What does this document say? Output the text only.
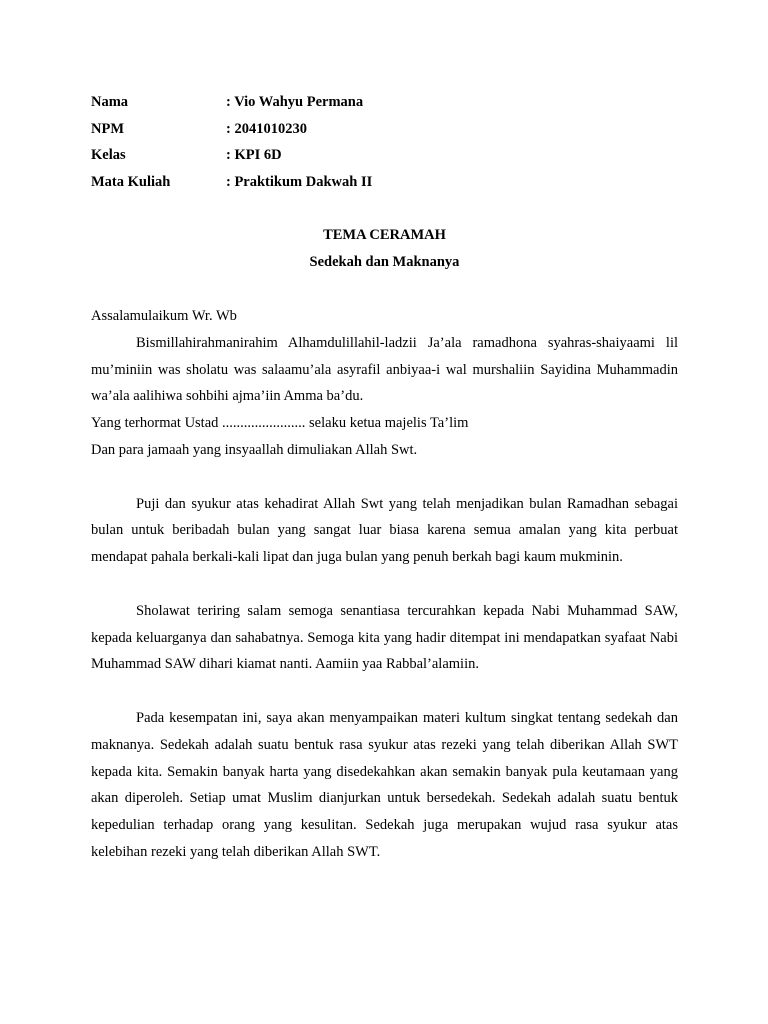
Nama	: Vio Wahyu Permana
NPM	: 2041010230
Kelas	: KPI 6D
Mata Kuliah	: Praktikum Dakwah II
TEMA CERAMAH
Sedekah dan Maknanya
Assalamulaikum Wr. Wb

Bismillahirahmanirahim Alhamdulillahil-ladzii Ja’ala ramadhona syahras-shaiyaami lil mu’miniin was sholatu was salaamu’ala asyrafil anbiyaa-i wal murshaliin Sayidina Muhammadin wa’ala aalihiwa sohbihi ajma’iin Amma ba’du.

Yang terhormat Ustad ....................... selaku ketua majelis Ta’lim
Dan para jamaah yang insyaallah dimuliakan Allah Swt.

Puji dan syukur atas kehadirat Allah Swt yang telah menjadikan bulan Ramadhan sebagai bulan untuk beribadah bulan yang sangat luar biasa karena semua amalan yang kita perbuat mendapat pahala berkali-kali lipat dan juga bulan yang penuh berkah bagi kaum mukminin.

Sholawat teriring salam semoga senantiasa tercurahkan kepada Nabi Muhammad SAW, kepada keluarganya dan sahabatnya. Semoga kita yang hadir ditempat ini mendapatkan syafaat Nabi Muhammad SAW dihari kiamat nanti. Aamiin yaa Rabbal’alamiin.

Pada kesempatan ini, saya akan menyampaikan materi kultum singkat tentang sedekah dan maknanya. Sedekah adalah suatu bentuk rasa syukur atas rezeki yang telah diberikan Allah SWT kepada kita. Semakin banyak harta yang disedekahkan akan semakin banyak pula keutamaan yang akan diperoleh. Setiap umat Muslim dianjurkan untuk bersedekah. Sedekah adalah suatu bentuk kepedulian terhadap orang yang kesulitan. Sedekah juga merupakan wujud rasa syukur atas kelebihan rezeki yang telah diberikan Allah SWT.
